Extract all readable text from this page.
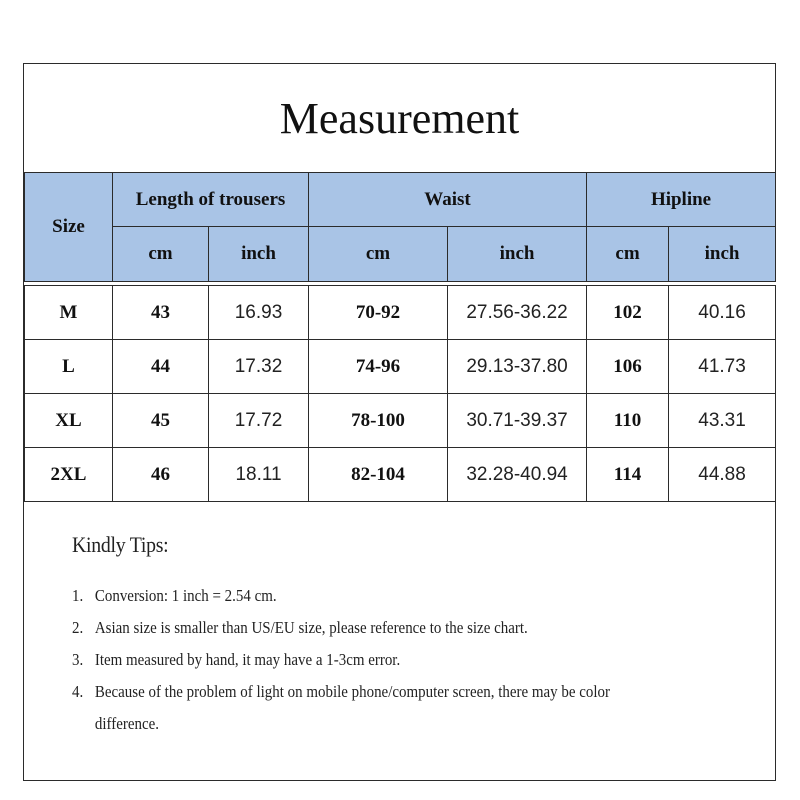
Measurement
Size	Length of trousers		Waist		Hipline	
	cm	inch	cm	inch	cm	inch

M	43	16.93	70-92	27.56-36.22	102	40.16
L	44	17.32	74-96	29.13-37.80	106	41.73
XL	45	17.72	78-100	30.71-39.37	110	43.31
2XL	46	18.11	82-104	32.28-40.94	114	44.88
Kindly Tips:
1. Conversion: 1 inch = 2.54 cm.
2. Asian size is smaller than US/EU size, please reference to the size chart.
3. Item measured by hand, it may have a 1-3cm error.
4. Because of the problem of light on mobile phone/computer screen, there may be color difference.
